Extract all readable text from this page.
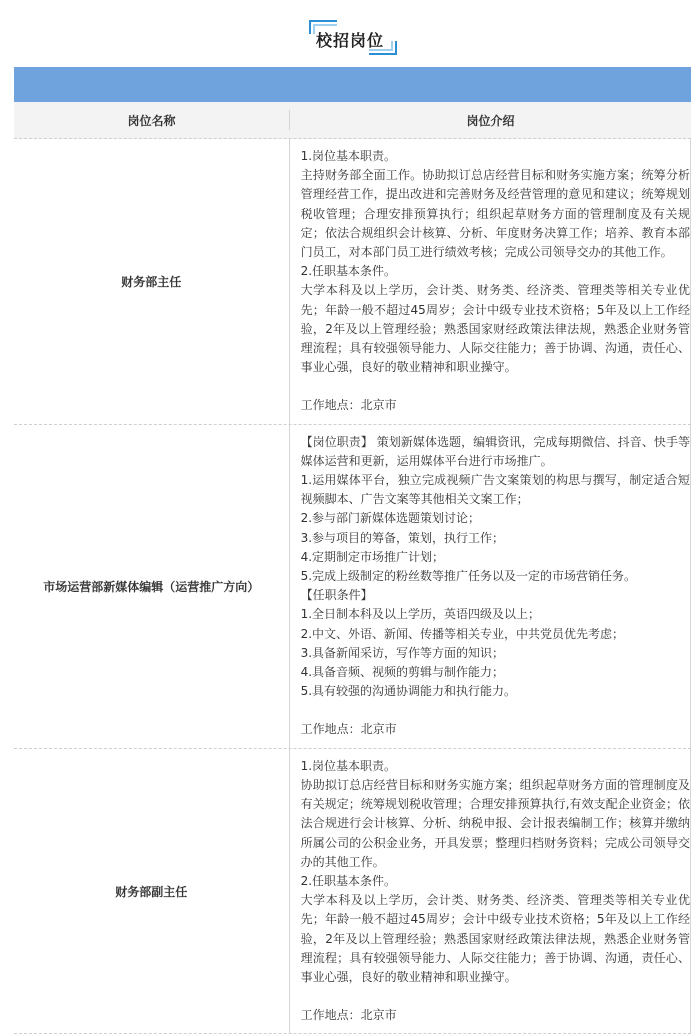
校招岗位
岗位名称	岗位介绍
财务部主任

1.岗位基本职责。

主持财务部全面工作。协助拟订总店经营目标和财务实施方案；统筹分析管理经营工作，提出改进和完善财务及经营管理的意见和建议；统筹规划税收管理；合理安排预算执行；组织起草财务方面的管理制度及有关规定；依法合规组织会计核算、分析、年度财务决算工作；培养、教育本部门员工，对本部门员工进行绩效考核；完成公司领导交办的其他工作。

2.任职基本条件。

大学本科及以上学历，会计类、财务类、经济类、管理类等相关专业优先；年龄一般不超过45周岁；会计中级专业技术资格；5年及以上工作经验，2年及以上管理经验；熟悉国家财经政策法律法规，熟悉企业财务管理流程；具有较强领导能力、人际交往能力；善于协调、沟通，责任心、事业心强，良好的敬业精神和职业操守。

工作地点：北京市

市场运营部新媒体编辑（运营推广方向）

【岗位职责】 策划新媒体选题，编辑资讯，完成每期微信、抖音、快手等媒体运营和更新，运用媒体平台进行市场推广。

1.运用媒体平台，独立完成视频广告文案策划的构思与撰写，制定适合短视频脚本、广告文案等其他相关文案工作；

2.参与部门新媒体选题策划讨论；

3.参与项目的筹备，策划，执行工作；

4.定期制定市场推广计划；

5.完成上级制定的粉丝数等推广任务以及一定的市场营销任务。

【任职条件】

1.全日制本科及以上学历，英语四级及以上；

2.中文、外语、新闻、传播等相关专业，中共党员优先考虑；

3.具备新闻采访，写作等方面的知识；

4.具备音频、视频的剪辑与制作能力；

5.具有较强的沟通协调能力和执行能力。

工作地点：北京市

财务部副主任

1.岗位基本职责。

协助拟订总店经营目标和财务实施方案；组织起草财务方面的管理制度及有关规定；统筹规划税收管理；合理安排预算执行,有效支配企业资金；依法合规进行会计核算、分析、纳税申报、会计报表编制工作；核算并缴纳所属公司的公积金业务，开具发票；整理归档财务资料；完成公司领导交办的其他工作。

2.任职基本条件。

大学本科及以上学历，会计类、财务类、经济类、管理类等相关专业优先；年龄一般不超过45周岁；会计中级专业技术资格；5年及以上工作经验，2年及以上管理经验；熟悉国家财经政策法律法规，熟悉企业财务管理流程；具有较强领导能力、人际交往能力；善于协调、沟通，责任心、事业心强，良好的敬业精神和职业操守。

工作地点：北京市
